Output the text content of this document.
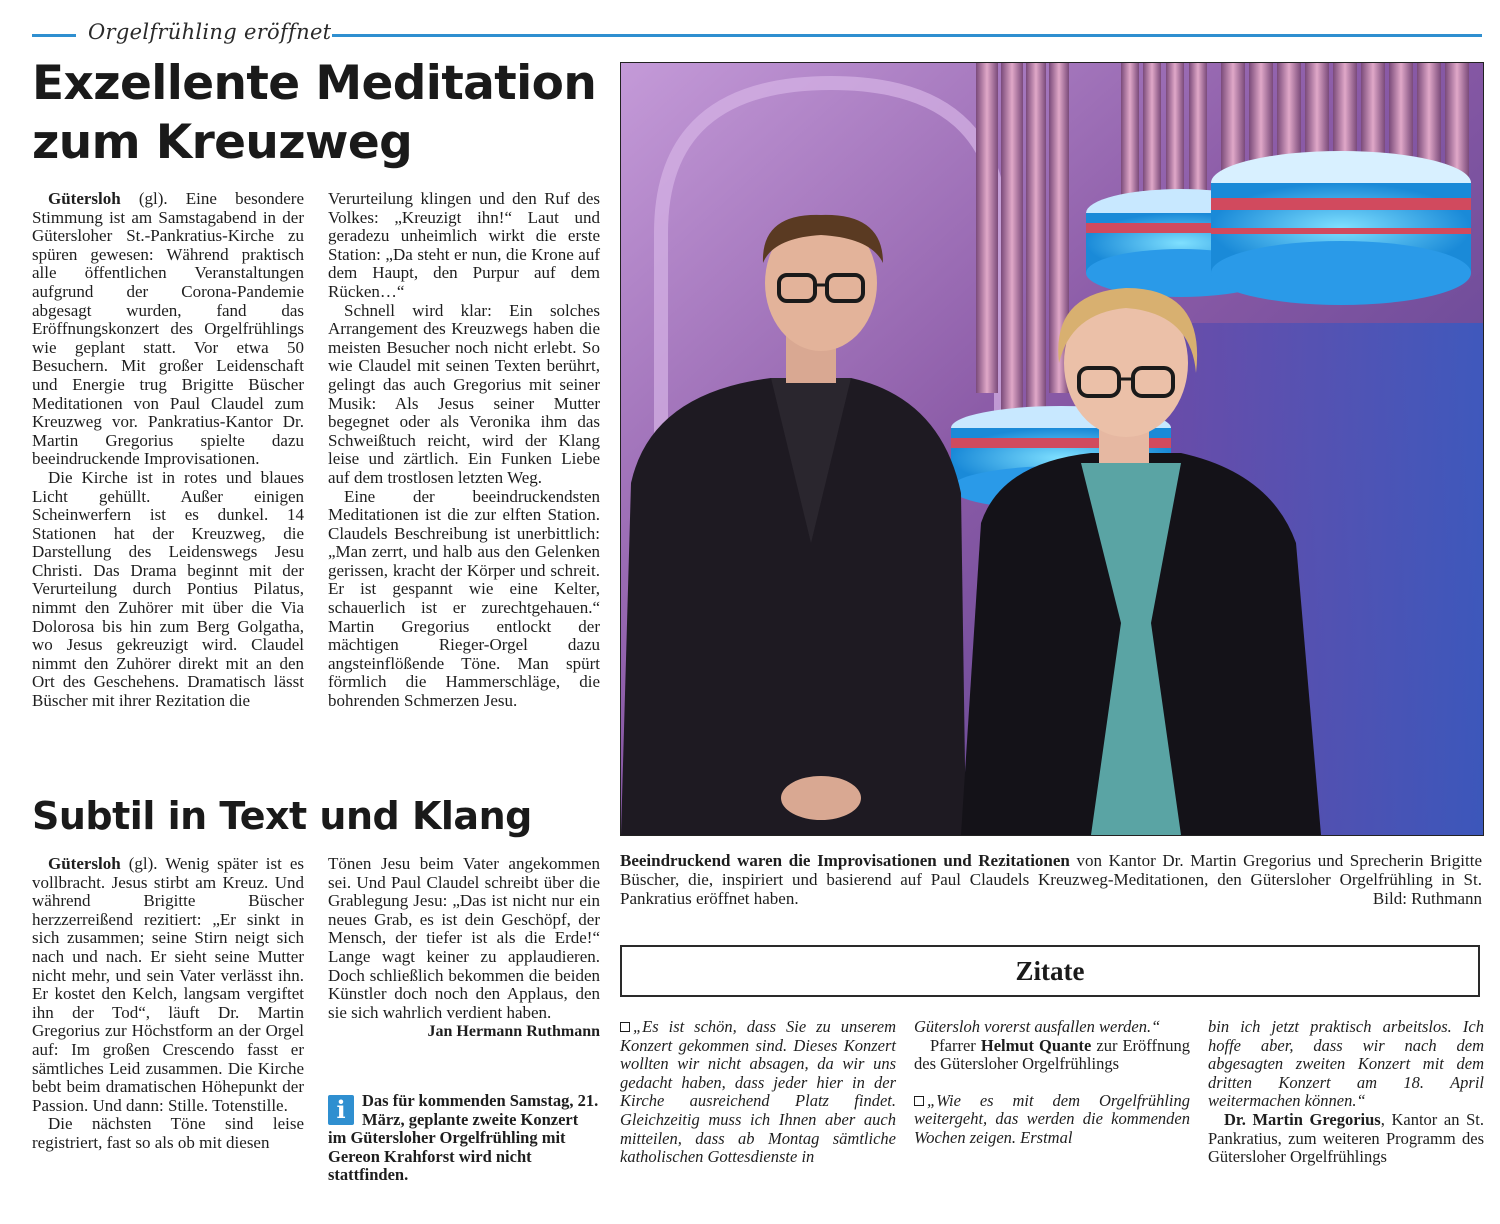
Orgelfrühling eröffnet
Exzellente Meditation zum Kreuzweg

Gütersloh (gl). Eine besondere Stimmung ist am Samstagabend in der Gütersloher St.-Pankratius-Kirche zu spüren gewesen: Während praktisch alle öffentlichen Veranstaltungen aufgrund der Corona-Pandemie abgesagt wurden, fand das Eröffnungskonzert des Orgelfrühlings wie geplant statt. Vor etwa 50 Besuchern. Mit großer Leidenschaft und Energie trug Brigitte Büscher Meditationen von Paul Claudel zum Kreuzweg vor. Pankratius-Kantor Dr. Martin Gregorius spielte dazu beeindruckende Improvisationen.

Die Kirche ist in rotes und blaues Licht gehüllt. Außer einigen Scheinwerfern ist es dunkel. 14 Stationen hat der Kreuzweg, die Darstellung des Leidenswegs Jesu Christi. Das Drama beginnt mit der Verurteilung durch Pontius Pilatus, nimmt den Zuhörer mit über die Via Dolorosa bis hin zum Berg Golgatha, wo Jesus gekreuzigt wird. Claudel nimmt den Zuhörer direkt mit an den Ort des Geschehens. Dramatisch lässt Büscher mit ihrer Rezitation die

Verurteilung klingen und den Ruf des Volkes: „Kreuzigt ihn!“ Laut und geradezu unheimlich wirkt die erste Station: „Da steht er nun, die Krone auf dem Haupt, den Purpur auf dem Rücken…“

Schnell wird klar: Ein solches Arrangement des Kreuzwegs haben die meisten Besucher noch nicht erlebt. So wie Claudel mit seinen Texten berührt, gelingt das auch Gregorius mit seiner Musik: Als Jesus seiner Mutter begegnet oder als Veronika ihm das Schweißtuch reicht, wird der Klang leise und zärtlich. Ein Funken Liebe auf dem trostlosen letzten Weg.

Eine der beeindruckendsten Meditationen ist die zur elften Station. Claudels Beschreibung ist unerbittlich: „Man zerrt, und halb aus den Gelenken gerissen, kracht der Körper und schreit. Er ist gespannt wie eine Kelter, schauerlich ist er zurechtgehauen.“ Martin Gregorius entlockt der mächtigen Rieger-Orgel dazu angsteinflößende Töne. Man spürt förmlich die Hammerschläge, die bohrenden Schmerzen Jesu.

Subtil in Text und Klang

Gütersloh (gl). Wenig später ist es vollbracht. Jesus stirbt am Kreuz. Und während Brigitte Büscher herzzerreißend rezitiert: „Er sinkt in sich zusammen; seine Stirn neigt sich nach und nach. Er sieht seine Mutter nicht mehr, und sein Vater verlässt ihn. Er kostet den Kelch, langsam vergiftet ihn der Tod“, läuft Dr. Martin Gregorius zur Höchstform an der Orgel auf: Im großen Crescendo fasst er sämtliches Leid zusammen. Die Kirche bebt beim dramatischen Höhepunkt der Passion. Und dann: Stille. Totenstille.

Die nächsten Töne sind leise registriert, fast so als ob mit diesen

Tönen Jesu beim Vater angekommen sei. Und Paul Claudel schreibt über die Grablegung Jesu: „Das ist nicht nur ein neues Grab, es ist dein Geschöpf, der Mensch, der tiefer ist als die Erde!“ Lange wagt keiner zu applaudieren. Doch schließlich bekommen die beiden Künstler doch noch den Applaus, den sie sich wahrlich verdient haben.

Jan Hermann Ruthmann

i Das für kommenden Samstag, 21. März, geplante zweite Konzert im Gütersloher Orgelfrühling mit Gereon Krahforst wird nicht stattfinden.
Beeindruckend waren die Improvisationen und Rezitationen von Kantor Dr. Martin Gregorius und Sprecherin Brigitte Büscher, die, inspiriert und basierend auf Paul Claudels Kreuzweg-Meditationen, den Gütersloher Orgelfrühling in St. Pankratius eröffnet haben.	Bild: Ruthmann
Zitate

„Es ist schön, dass Sie zu unserem Konzert gekommen sind. Dieses Konzert wollten wir nicht absagen, da wir uns gedacht haben, dass jeder hier in der Kirche ausreichend Platz findet. Gleichzeitig muss ich Ihnen aber auch mitteilen, dass ab Montag sämtliche katholischen Gottesdienste in

Gütersloh vorerst ausfallen werden.“

Pfarrer Helmut Quante zur Eröffnung des Gütersloher Orgelfrühlings

„Wie es mit dem Orgelfrühling weitergeht, das werden die kommenden Wochen zeigen. Erstmal

bin ich jetzt praktisch arbeitslos. Ich hoffe aber, dass wir nach dem abgesagten zweiten Konzert mit dem dritten Konzert am 18. April weitermachen können.“

Dr. Martin Gregorius, Kantor an St. Pankratius, zum weiteren Programm des Gütersloher Orgelfrühlings
